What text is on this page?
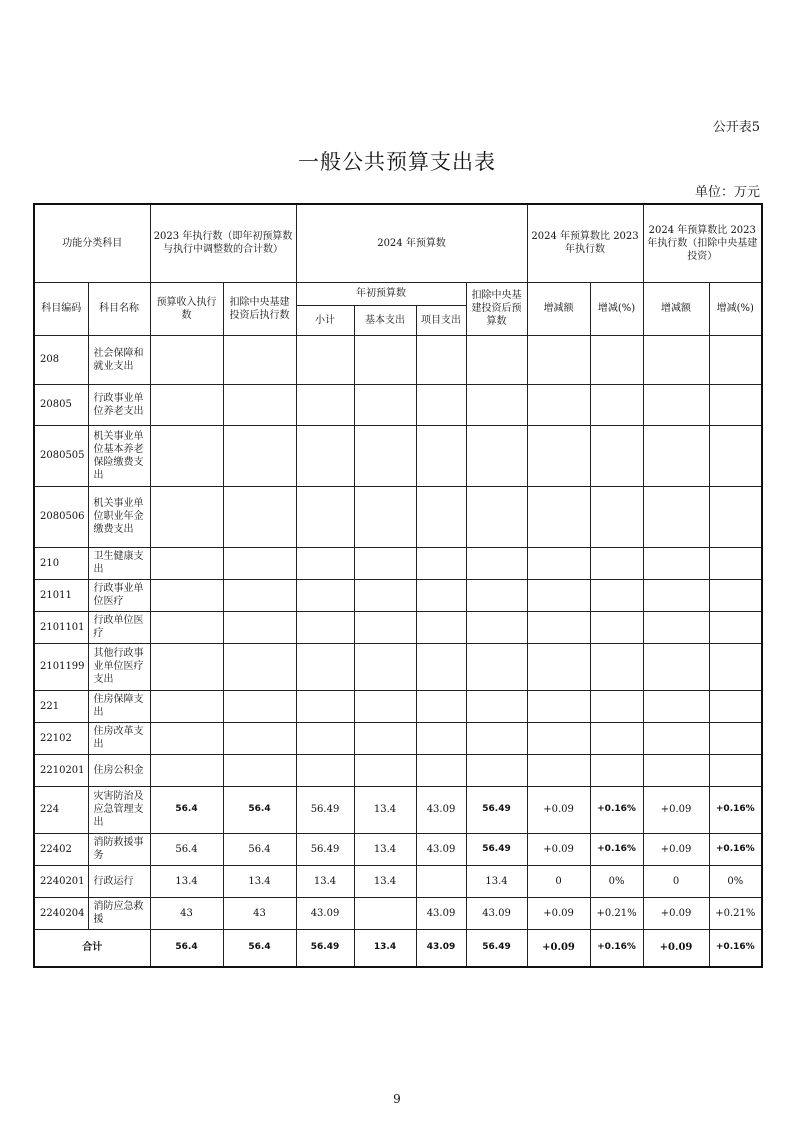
公开表5
一般公共预算支出表
单位：万元
功能分类科目		2023 年执行数（即年初预算数与执行中调整数的合计数）		2024 年预算数				2024 年预算数比 2023 年执行数		2024 年预算数比 2023 年执行数（扣除中央基建投资）	
科目编码	科目名称	预算收入执行数	扣除中央基建投资后执行数	年初预算数			扣除中央基建投资后预算数	增减额	增减(%)	增减额	增减(%)
				小计	基本支出	项目支出					
208	社会保障和就业支出										
20805	行政事业单位养老支出										
2080505	机关事业单位基本养老保险缴费支出										
2080506	机关事业单位职业年金缴费支出										
210	卫生健康支出										
21011	行政事业单位医疗										
2101101	行政单位医疗										
2101199	其他行政事业单位医疗支出										
221	住房保障支出										
22102	住房改革支出										
2210201	住房公积金										
224	灾害防治及应急管理支出	56.4	56.4	56.49	13.4	43.09	56.49	+0.09	+0.16%	+0.09	+0.16%
22402	消防救援事务	56.4	56.4	56.49	13.4	43.09	56.49	+0.09	+0.16%	+0.09	+0.16%
2240201	行政运行	13.4	13.4	13.4	13.4		13.4	0	0%	0	0%
2240204	消防应急救援	43	43	43.09		43.09	43.09	+0.09	+0.21%	+0.09	+0.21%
合计		56.4	56.4	56.49	13.4	43.09	56.49	+0.09	+0.16%	+0.09	+0.16%
9
